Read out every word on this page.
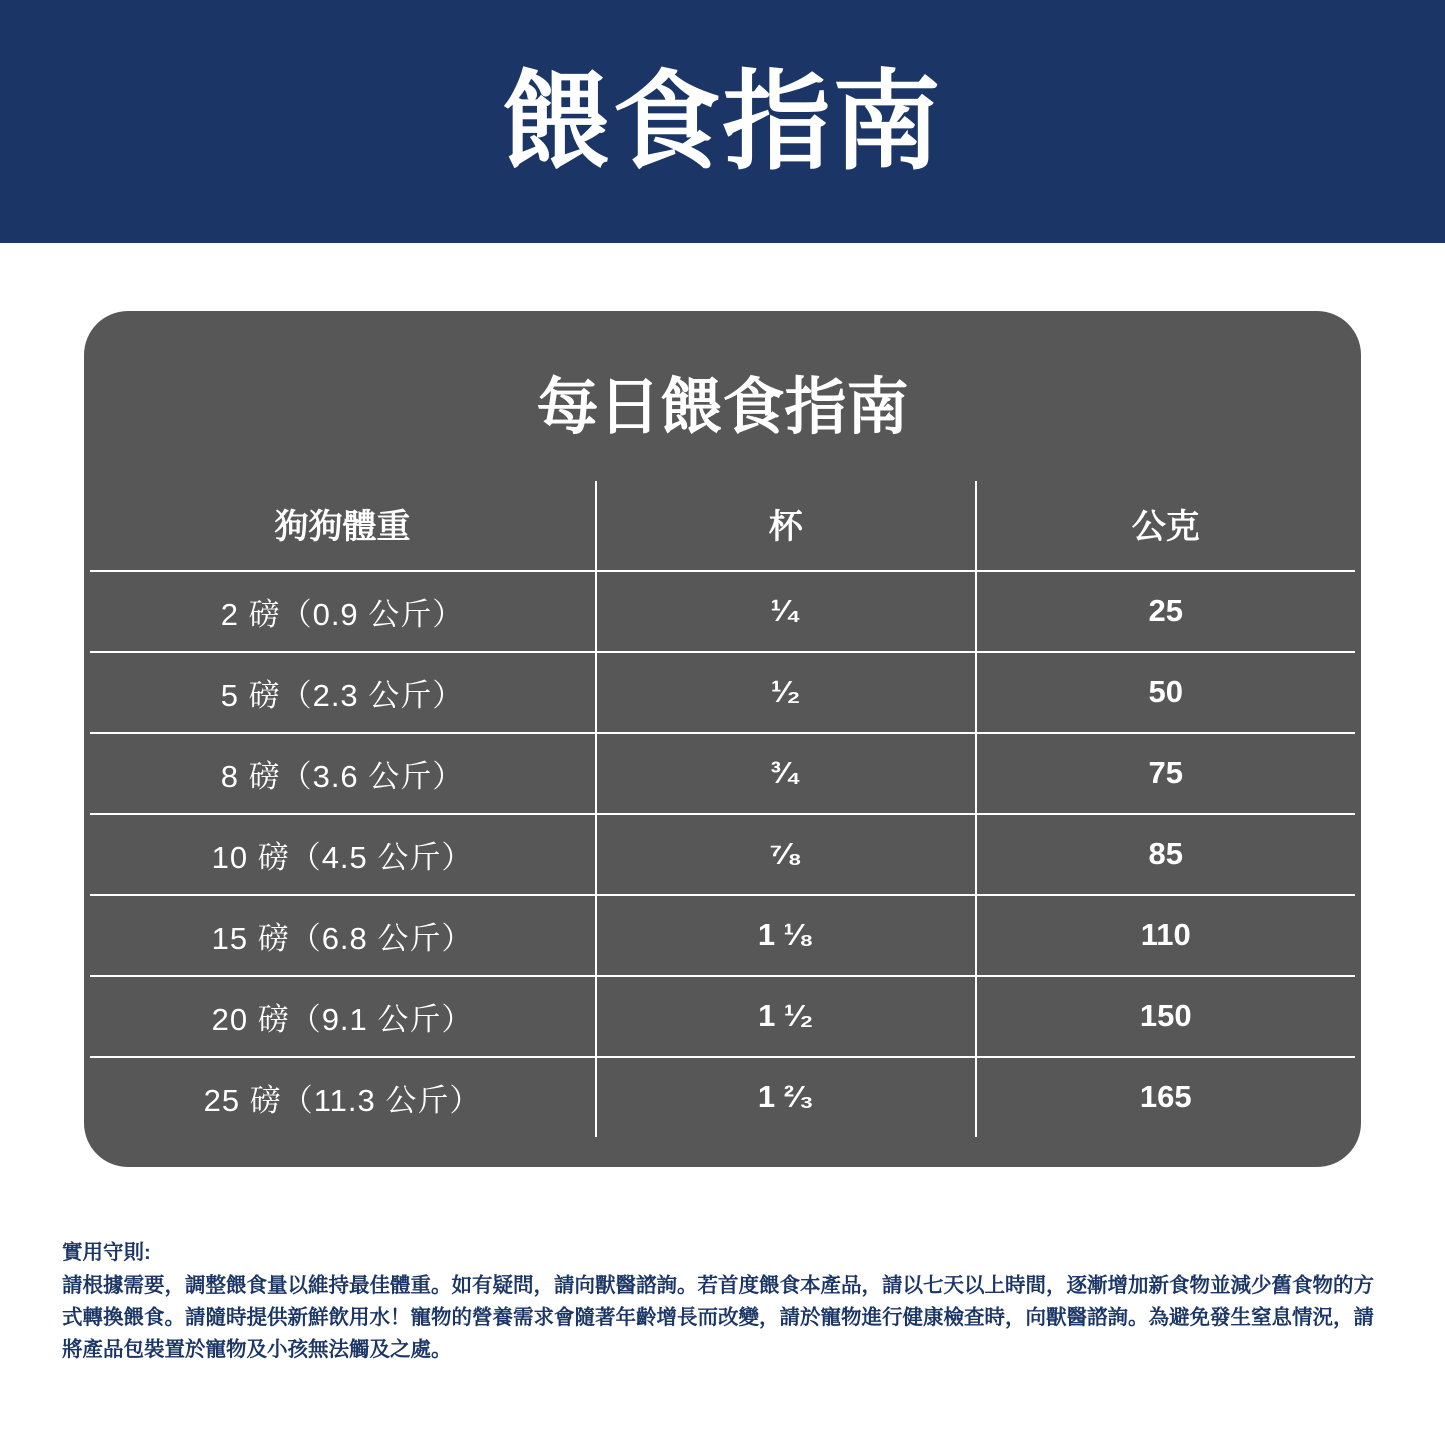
餵食指南
每日餵食指南
狗狗體重	杯	公克
2 磅（0.9 公斤）	¹⁄₄	25
5 磅（2.3 公斤）	¹⁄₂	50
8 磅（3.6 公斤）	³⁄₄	75
10 磅（4.5 公斤）	⁷⁄₈	85
15 磅（6.8 公斤）	1 ¹⁄₈	110
20 磅（9.1 公斤）	1 ¹⁄₂	150
25 磅（11.3 公斤）	1 ²⁄₃	165
實用守則:
請根據需要，調整餵食量以維持最佳體重。如有疑問，請向獸醫諮詢。若首度餵食本產品，請以七天以上時間，逐漸增加新食物並減少舊食物的方式轉換餵食。請隨時提供新鮮飲用水！寵物的營養需求會隨著年齡增長而改變，請於寵物進行健康檢查時，向獸醫諮詢。為避免發生窒息情況，請將產品包裝置於寵物及小孩無法觸及之處。
